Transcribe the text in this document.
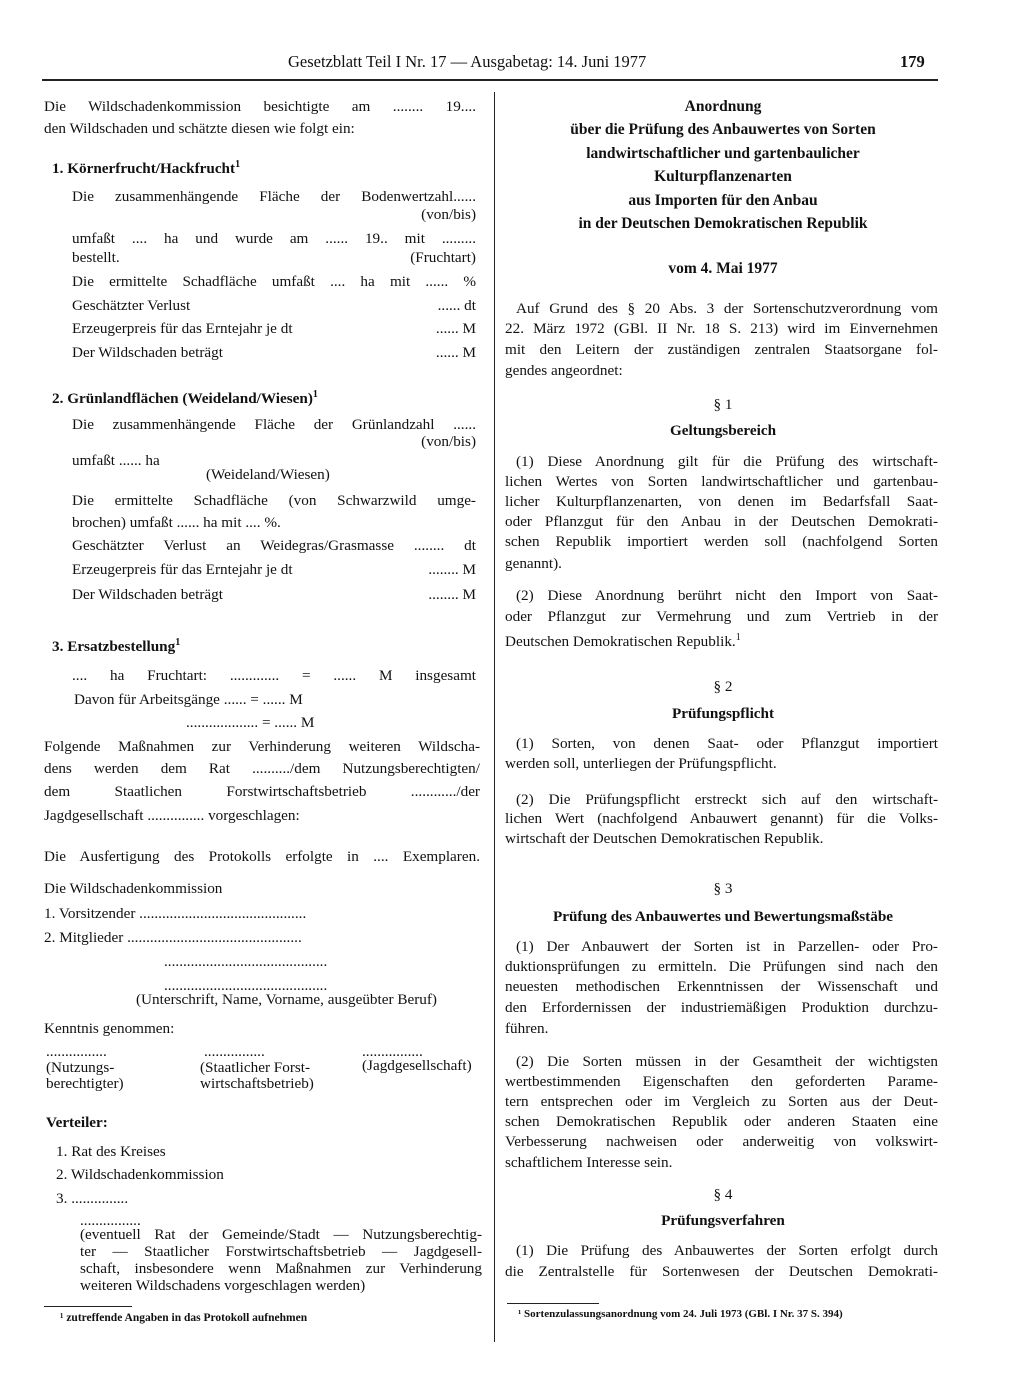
Gesetzblatt Teil I Nr. 17 — Ausgabetag: 14. Juni 1977	179
Die Wildschadenkommission besichtigte am ........ 19....
den Wildschaden und schätzte diesen wie folgt ein:
1. Körnerfrucht/Hackfrucht$^1$
Die zusammenhängende Fläche der Bodenwertzahl......
(von/bis)
umfaßt .... ha und wurde am ...... 19.. mit .........
bestellt.	(Fruchtart)
Die ermittelte Schadfläche umfaßt .... ha mit ...... %
Geschätzter Verlust	...... dt
Erzeugerpreis für das Erntejahr je dt	...... M
Der Wildschaden beträgt	...... M
2. Grünlandflächen (Weideland/Wiesen)$^1$
Die zusammenhängende Fläche der Grünlandzahl ......
(von/bis)
umfaßt ...... ha
(Weideland/Wiesen)
Die ermittelte Schadfläche (von Schwarzwild umge-
brochen) umfaßt ...... ha mit .... %.
Geschätzter Verlust an Weidegras/Grasmasse ........ dt
Erzeugerpreis für das Erntejahr je dt	........ M
Der Wildschaden beträgt	........ M
3. Ersatzbestellung$^1$
.... ha Fruchtart: ............. = ...... M insgesamt
Davon für Arbeitsgänge ...... = ...... M
................... = ...... M
Folgende Maßnahmen zur Verhinderung weiteren Wildscha-
dens werden dem Rat ........../dem Nutzungsberechtigten/
dem Staatlichen Forstwirtschaftsbetrieb ............/der
Jagdgesellschaft ............... vorgeschlagen:
Die Ausfertigung des Protokolls erfolgte in .... Exemplaren.
Die Wildschadenkommission
1. Vorsitzender ............................................
2. Mitglieder ..............................................
...........................................
...........................................
(Unterschrift, Name, Vorname, ausgeübter Beruf)
Kenntnis genommen:
................
(Nutzungs-
berechtigter)
................
(Staatlicher Forst-
wirtschaftsbetrieb)
................
(Jagdgesellschaft)
Verteiler:
1. Rat des Kreises
2. Wildschadenkommission
3. ...............
................
(eventuell Rat der Gemeinde/Stadt — Nutzungsberechtig-
ter — Staatlicher Forstwirtschaftsbetrieb — Jagdgesell-
schaft, insbesondere wenn Maßnahmen zur Verhinderung
weiteren Wildschadens vorgeschlagen werden)
¹ zutreffende Angaben in das Protokoll aufnehmen
Anordnung
über die Prüfung des Anbauwertes von Sorten
landwirtschaftlicher und gartenbaulicher
Kulturpflanzenarten
aus Importen für den Anbau
in der Deutschen Demokratischen Republik
vom 4. Mai 1977
Auf Grund des § 20 Abs. 3 der Sortenschutzverordnung vom
22. März 1972 (GBl. II Nr. 18 S. 213) wird im Einvernehmen
mit den Leitern der zuständigen zentralen Staatsorgane fol-
gendes angeordnet:
§ 1
Geltungsbereich
(1) Diese Anordnung gilt für die Prüfung des wirtschaft-
lichen Wertes von Sorten landwirtschaftlicher und gartenbau-
licher Kulturpflanzenarten, von denen im Bedarfsfall Saat-
oder Pflanzgut für den Anbau in der Deutschen Demokrati-
schen Republik importiert werden soll (nachfolgend Sorten
genannt).
(2) Diese Anordnung berührt nicht den Import von Saat-
oder Pflanzgut zur Vermehrung und zum Vertrieb in der
Deutschen Demokratischen Republik.$^1$
§ 2
Prüfungspflicht
(1) Sorten, von denen Saat- oder Pflanzgut importiert
werden soll, unterliegen der Prüfungspflicht.
(2) Die Prüfungspflicht erstreckt sich auf den wirtschaft-
lichen Wert (nachfolgend Anbauwert genannt) für die Volks-
wirtschaft der Deutschen Demokratischen Republik.
§ 3
Prüfung des Anbauwertes und Bewertungsmaßstäbe
(1) Der Anbauwert der Sorten ist in Parzellen- oder Pro-
duktionsprüfungen zu ermitteln. Die Prüfungen sind nach den
neuesten methodischen Erkenntnissen der Wissenschaft und
den Erfordernissen der industriemäßigen Produktion durchzu-
führen.
(2) Die Sorten müssen in der Gesamtheit der wichtigsten
wertbestimmenden Eigenschaften den geforderten Parame-
tern entsprechen oder im Vergleich zu Sorten aus der Deut-
schen Demokratischen Republik oder anderen Staaten eine
Verbesserung nachweisen oder anderweitig von volkswirt-
schaftlichem Interesse sein.
§ 4
Prüfungsverfahren
(1) Die Prüfung des Anbauwertes der Sorten erfolgt durch
die Zentralstelle für Sortenwesen der Deutschen Demokrati-
¹ Sortenzulassungsanordnung vom 24. Juli 1973 (GBl. I Nr. 37 S. 394)
